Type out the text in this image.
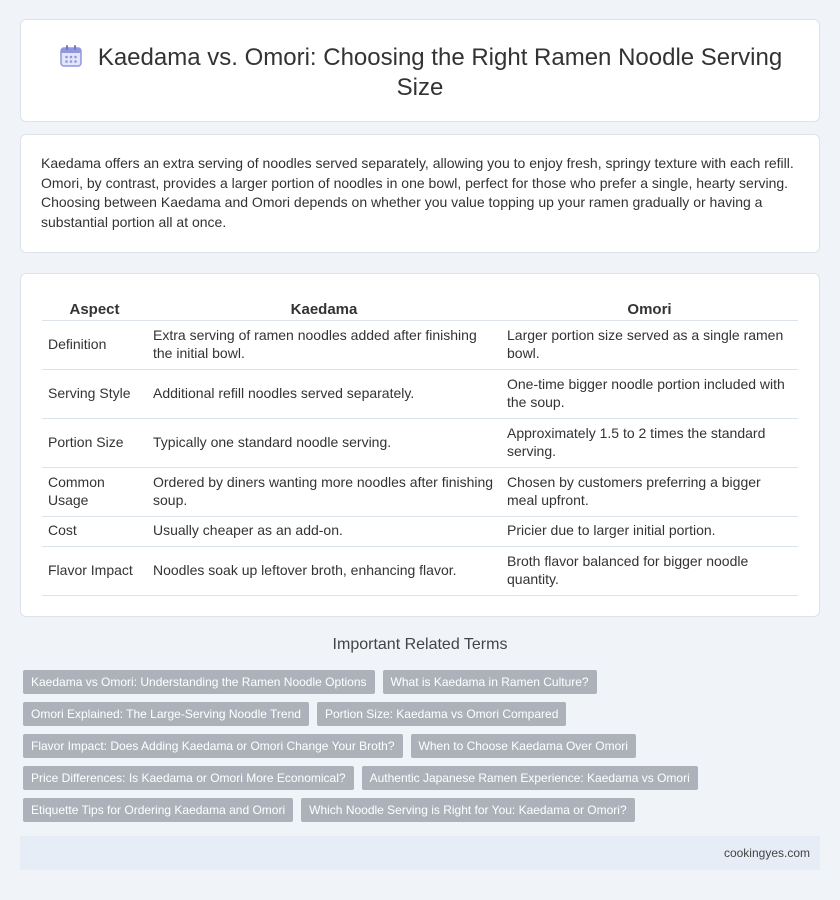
Kaedama vs. Omori: Choosing the Right Ramen Noodle Serving Size

Kaedama offers an extra serving of noodles served separately, allowing you to enjoy fresh, springy texture with each refill. Omori, by contrast, provides a larger portion of noodles in one bowl, perfect for those who prefer a single, hearty serving. Choosing between Kaedama and Omori depends on whether you value topping up your ramen gradually or having a substantial portion all at once.

Aspect	Kaedama	Omori
Definition	Extra serving of ramen noodles added after finishing the initial bowl.	Larger portion size served as a single ramen bowl.
Serving Style	Additional refill noodles served separately.	One-time bigger noodle portion included with the soup.
Portion Size	Typically one standard noodle serving.	Approximately 1.5 to 2 times the standard serving.
Common Usage	Ordered by diners wanting more noodles after finishing soup.	Chosen by customers preferring a bigger meal upfront.
Cost	Usually cheaper as an add-on.	Pricier due to larger initial portion.
Flavor Impact	Noodles soak up leftover broth, enhancing flavor.	Broth flavor balanced for bigger noodle quantity.
Important Related Terms
Kaedama vs Omori: Understanding the Ramen Noodle Options	What is Kaedama in Ramen Culture?
Omori Explained: The Large-Serving Noodle Trend	Portion Size: Kaedama vs Omori Compared
Flavor Impact: Does Adding Kaedama or Omori Change Your Broth?	When to Choose Kaedama Over Omori
Price Differences: Is Kaedama or Omori More Economical?	Authentic Japanese Ramen Experience: Kaedama vs Omori
Etiquette Tips for Ordering Kaedama and Omori	Which Noodle Serving is Right for You: Kaedama or Omori?
cookingyes.com
